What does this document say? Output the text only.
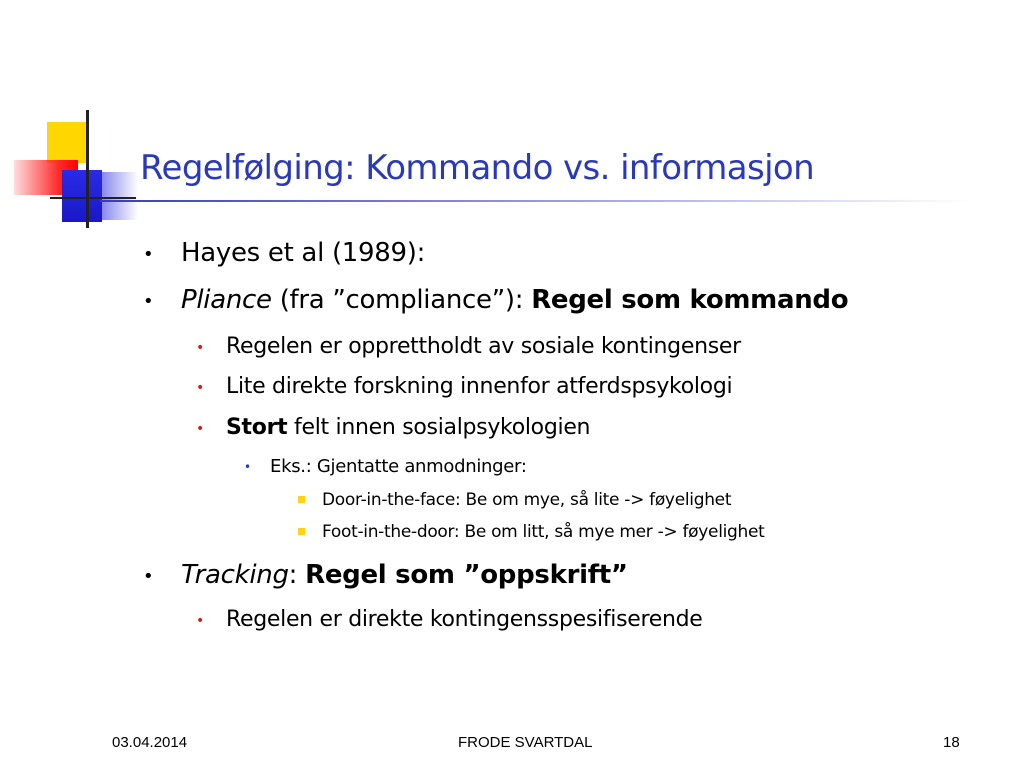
Regelfølging: Kommando vs. informasjon
• Hayes et al (1989):
• Pliance (fra ”compliance”): Regel som kommando
• Regelen er opprettholdt av sosiale kontingenser
• Lite direkte forskning innenfor atferdspsykologi
• Stort felt innen sosialpsykologien
• Eks.: Gjentatte anmodninger:
Door-in-the-face: Be om mye, så lite -> føyelighet
Foot-in-the-door: Be om litt, så mye mer -> føyelighet
• Tracking: Regel som ”oppskrift”
• Regelen er direkte kontingensspesifiserende
03.04.2014	FRODE SVARTDAL	18
